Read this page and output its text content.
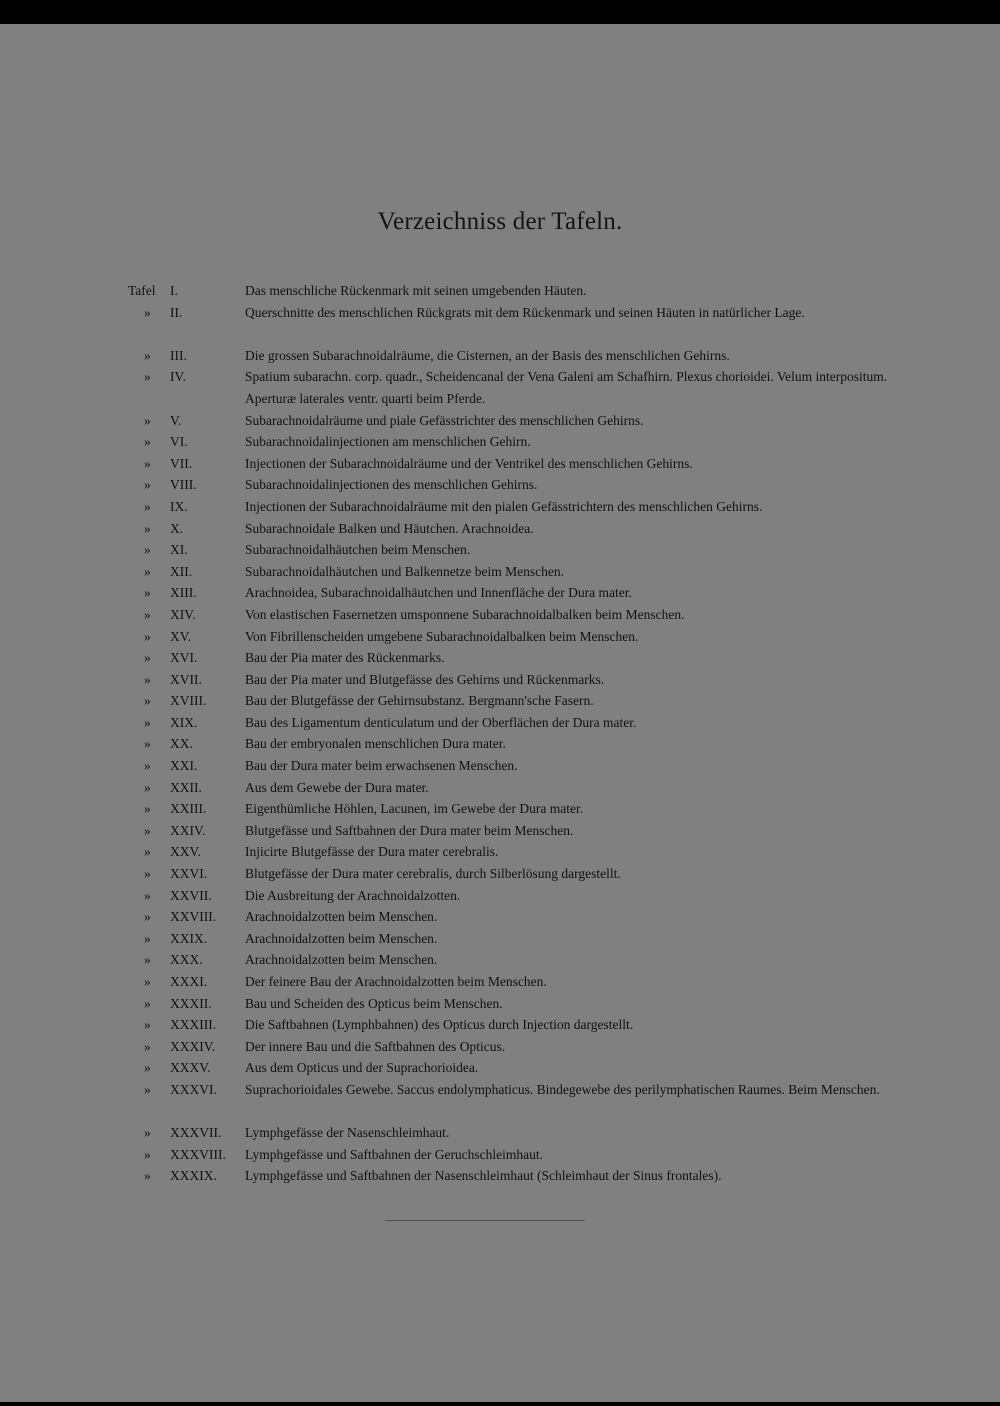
Verzeichniss der Tafeln.
Tafel	I.	Das menschliche Rückenmark mit seinen umgebenden Häuten.
»	II.	Querschnitte des menschlichen Rückgrats mit dem Rückenmark und seinen Häuten in natürlicher Lage.
»	III.	Die grossen Subarachnoidalräume, die Cisternen, an der Basis des menschlichen Gehirns.
»	IV.	Spatium subarachn. corp. quadr., Scheidencanal der Vena Galeni am Schafhirn. Plexus chorioidei. Velum interpositum. Aperturæ laterales ventr. quarti beim Pferde.
»	V.	Subarachnoidalräume und piale Gefässtrichter des menschlichen Gehirns.
»	VI.	Subarachnoidalinjectionen am menschlichen Gehirn.
»	VII.	Injectionen der Subarachnoidalräume und der Ventrikel des menschlichen Gehirns.
»	VIII.	Subarachnoidalinjectionen des menschlichen Gehirns.
»	IX.	Injectionen der Subarachnoidalräume mit den pialen Gefässtrichtern des menschlichen Gehirns.
»	X.	Subarachnoidale Balken und Häutchen. Arachnoidea.
»	XI.	Subarachnoidalhäutchen beim Menschen.
»	XII.	Subarachnoidalhäutchen und Balkennetze beim Menschen.
»	XIII.	Arachnoidea, Subarachnoidalhäutchen und Innenfläche der Dura mater.
»	XIV.	Von elastischen Fasernetzen umsponnene Subarachnoidalbalken beim Menschen.
»	XV.	Von Fibrillenscheiden umgebene Subarachnoidalbalken beim Menschen.
»	XVI.	Bau der Pia mater des Rückenmarks.
»	XVII.	Bau der Pia mater und Blutgefässe des Gehirns und Rückenmarks.
»	XVIII.	Bau der Blutgefässe der Gehirnsubstanz. Bergmann'sche Fasern.
»	XIX.	Bau des Ligamentum denticulatum und der Oberflächen der Dura mater.
»	XX.	Bau der embryonalen menschlichen Dura mater.
»	XXI.	Bau der Dura mater beim erwachsenen Menschen.
»	XXII.	Aus dem Gewebe der Dura mater.
»	XXIII.	Eigenthümliche Höhlen, Lacunen, im Gewebe der Dura mater.
»	XXIV.	Blutgefässe und Saftbahnen der Dura mater beim Menschen.
»	XXV.	Injicirte Blutgefässe der Dura mater cerebralis.
»	XXVI.	Blutgefässe der Dura mater cerebralis, durch Silberlösung dargestellt.
»	XXVII. Die Ausbreitung der Arachnoidalzotten.
»	XXVIII. Arachnoidalzotten beim Menschen.
»	XXIX.	Arachnoidalzotten beim Menschen.
»	XXX.	Arachnoidalzotten beim Menschen.
»	XXXI.	Der feinere Bau der Arachnoidalzotten beim Menschen.
»	XXXII. Bau und Scheiden des Opticus beim Menschen.
»	XXXIII. Die Saftbahnen (Lymphbahnen) des Opticus durch Injection dargestellt.
»	XXXIV. Der innere Bau und die Saftbahnen des Opticus.
»	XXXV.	Aus dem Opticus und der Suprachorioidea.
»	XXXVI. Suprachorioidales Gewebe. Saccus endolymphaticus. Bindegewebe des perilymphatischen Raumes. Beim Menschen.
»	XXXVII. Lymphgefässe der Nasenschleimhaut.
»	XXXVIII. Lymphgefässe und Saftbahnen der Geruchschleimhaut.
»	XXXIX. Lymphgefässe und Saftbahnen der Nasenschleimhaut (Schleimhaut der Sinus frontales).
